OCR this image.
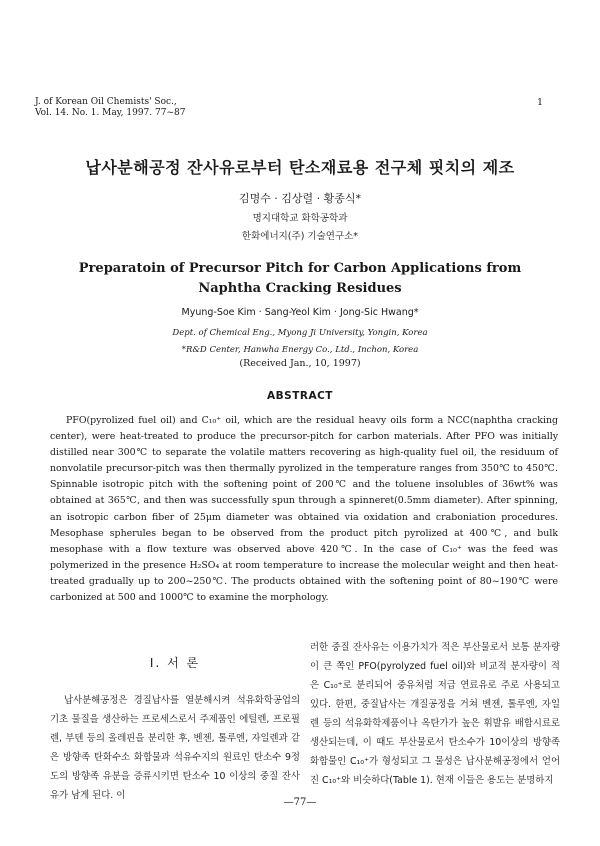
J. of Korean Oil Chemists' Soc.,
Vol. 14. No. 1. May, 1997. 77~87
1
납사분해공정 잔사유로부터 탄소재료용 전구체 핏치의 제조
김명수 · 김상렬 · 황종식*
명지대학교 화학공학과
한화에너지(주) 기술연구소*
Preparatoin of Precursor Pitch for Carbon Applications from
Naphtha Cracking Residues
Myung-Soe Kim · Sang-Yeol Kim · Jong-Sic Hwang*
Dept. of Chemical Eng., Myong Ji University, Yongin, Korea
*R&D Center, Hanwha Energy Co., Ltd., Inchon, Korea
(Received Jan., 10, 1997)
ABSTRACT

PFO(pyrolized fuel oil) and C₁₀⁺ oil, which are the residual heavy oils form a NCC(naphtha cracking center), were heat-treated to produce the precursor-pitch for carbon materials. After PFO was initially distilled near 300℃ to separate the volatile matters recovering as high-quality fuel oil, the residuum of nonvolatile precursor-pitch was then thermally pyrolized in the temperature ranges from 350℃ to 450℃. Spinnable isotropic pitch with the softening point of 200℃ and the toluene insolubles of 36wt% was obtained at 365℃, and then was successfully spun through a spinneret(0.5mm diameter). After spinning, an isotropic carbon fiber of 25μm diameter was obtained via oxidation and craboniation procedures. Mesophase spherules began to be observed from the product pitch pyrolized at 400℃, and bulk mesophase with a flow texture was observed above 420℃. In the case of C₁₀⁺ was the feed was polymerized in the presence H₂SO₄ at room temperature to increase the molecular weight and then heat-treated gradually up to 200~250℃. The products obtained with the softening point of 80~190℃ were carbonized at 500 and 1000℃ to examine the morphology.

I. 서 론

납사분해공정은 경질납사를 열분해시켜 석유화학공업의 기초 물질을 생산하는 프로세스로서 주제품인 에틸렌, 프로필렌, 부텐 등의 올레핀을 분리한 후, 벤젠, 톨루엔, 자일렌과 같은 방향족 탄화수소 화합물과 석유수지의 원료인 탄소수 9정도의 방향족 유분을 증류시키면 탄소수 10 이상의 중질 잔사유가 남게 된다. 이

러한 중질 잔사유는 이용가치가 적은 부산물로서 보통 분자량이 큰 쪽인 PFO(pyrolyzed fuel oil)와 비교적 분자량이 적은 C₁₀⁺로 분리되어 중유처럼 저급 연료유로 주로 사용되고 있다. 한편, 중질납사는 개질공정을 거쳐 벤젠, 톨루엔, 자일렌 등의 석유화학제품이나 옥탄가가 높은 휘발유 배합시료로 생산되는데, 이 때도 부산물로서 탄소수가 10이상의 방향족 화합물인 C₁₀⁺가 형성되고 그 물성은 납사분해공정에서 얻어진 C₁₀⁺와 비슷하다(Table 1). 현재 이들은 용도는 분명하지

—77—
